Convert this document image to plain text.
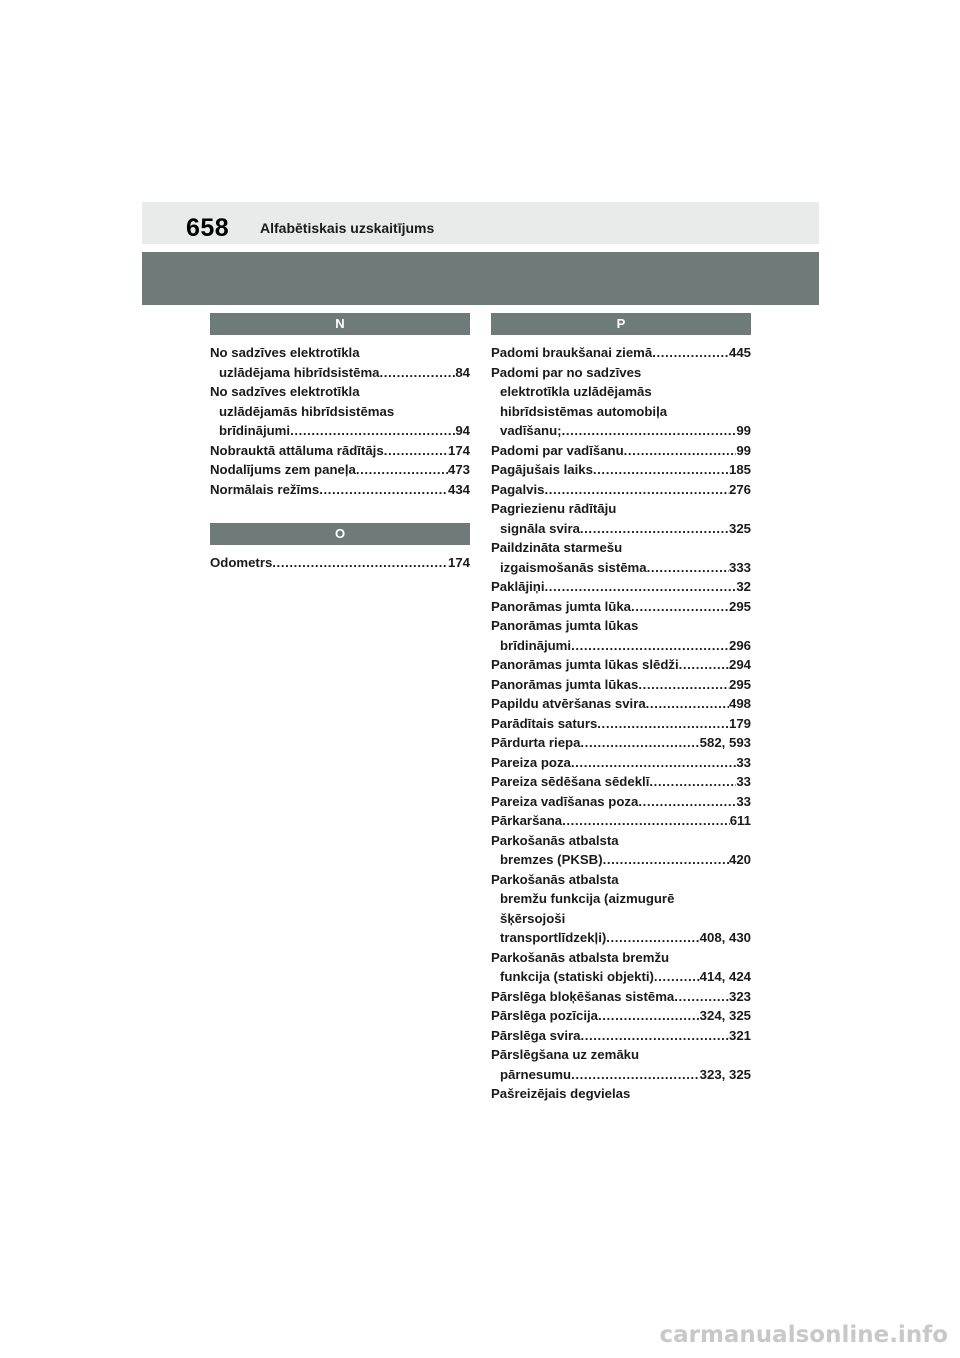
658 Alfabētiskais uzskaitījums
N
No sadzīves elektrotīkla
uzlādējama hibrīdsistēma .....	84
No sadzīves elektrotīkla
uzlādējamās hibrīdsistēmas
brīdinājumi .....	94
Nobrauktā attāluma rādītājs .....	174
Nodalījums zem paneļa .....	473
Normālais režīms .....	434
O
Odometrs .....	174
P
Padomi braukšanai ziemā .....	445
Padomi par no sadzīves
elektrotīkla uzlādējamās
hibrīdsistēmas automobiļa
vadīšanu; .....	99
Padomi par vadīšanu .....	99
Pagājušais laiks .....	185
Pagalvis .....	276
Pagriezienu rādītāju
signāla svira .....	325
Paildzināta starmešu
izgaismošanās sistēma .....	333
Paklājiņi .....	32
Panorāmas jumta lūka .....	295
Panorāmas jumta lūkas
brīdinājumi .....	296
Panorāmas jumta lūkas slēdži .....	294
Panorāmas jumta lūkas .....	295
Papildu atvēršanas svira .....	498
Parādītais saturs .....	179
Pārdurta riepa .....	582, 593
Pareiza poza .....	33
Pareiza sēdēšana sēdeklī .....	33
Pareiza vadīšanas poza .....	33
Pārkaršana .....	611
Parkošanās atbalsta
bremzes (PKSB) .....	420
Parkošanās atbalsta
bremžu funkcija (aizmugurē
šķērsojoši
transportlīdzekļi) .....	408, 430
Parkošanās atbalsta bremžu
funkcija (statiski objekti) .....	414, 424
Pārslēga bloķēšanas sistēma .....	323
Pārslēga pozīcija .....	324, 325
Pārslēga svira .....	321
Pārslēgšana uz zemāku
pārnesumu .....	323, 325
Pašreizējais degvielas
carmanualsonline.info
